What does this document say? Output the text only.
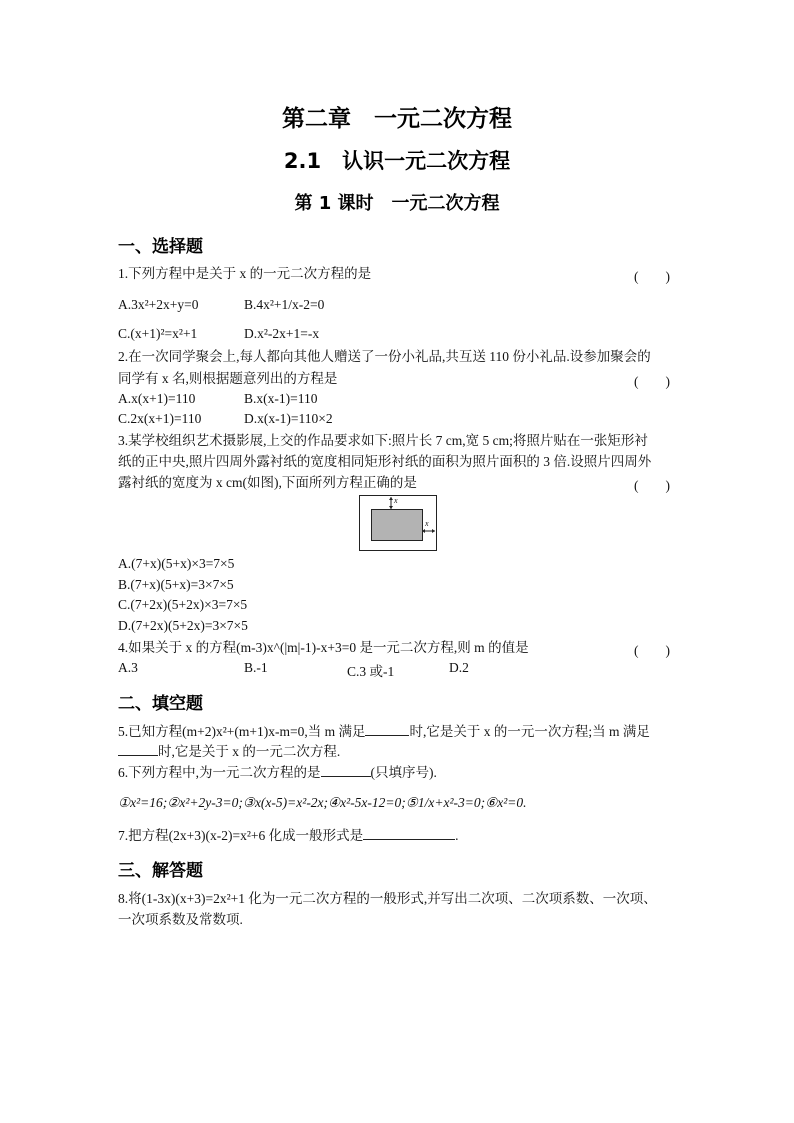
第二章　一元二次方程
2.1　认识一元二次方程
第 1 课时　一元二次方程
一、选择题
1.下列方程中是关于 x 的一元二次方程的是	(　　)
A.3x²+2x+y=0	B.4x²+1/x-2=0
C.(x+1)²=x²+1	D.x²-2x+1=-x
2.在一次同学聚会上,每人都向其他人赠送了一份小礼品,共互送 110 份小礼品.设参加聚会的
同学有 x 名,则根据题意列出的方程是	(　　)
A.x(x+1)=110	B.x(x-1)=110
C.2x(x+1)=110	D.x(x-1)=110×2
3.某学校组织艺术摄影展,上交的作品要求如下:照片长 7 cm,宽 5 cm;将照片贴在一张矩形衬
纸的正中央,照片四周外露衬纸的宽度相同矩形衬纸的面积为照片面积的 3 倍.设照片四周外
露衬纸的宽度为 x cm(如图),下面所列方程正确的是	(　　)
x
x
A.(7+x)(5+x)×3=7×5
B.(7+x)(5+x)=3×7×5
C.(7+2x)(5+2x)×3=7×5
D.(7+2x)(5+2x)=3×7×5
4.如果关于 x 的方程(m-3)x^(|m|-1)-x+3=0 是一元二次方程,则 m 的值是	(　　)
A.3	B.-1	C.3 或-1	D.2
二、填空题
5.已知方程(m+2)x²+(m+1)x-m=0,当 m 满足	时,它是关于 x 的一元一次方程;当 m 满足
时,它是关于 x 的一元二次方程.
6.下列方程中,为一元二次方程的是	(只填序号).
①x²=16;②x²+2y-3=0;③x(x-5)=x²-2x;④x²-5x-12=0;⑤1/x+x²-3=0;⑥x²=0.
7.把方程(2x+3)(x-2)=x²+6 化成一般形式是	.
三、解答题
8.将(1-3x)(x+3)=2x²+1 化为一元二次方程的一般形式,并写出二次项、二次项系数、一次项、
一次项系数及常数项.
